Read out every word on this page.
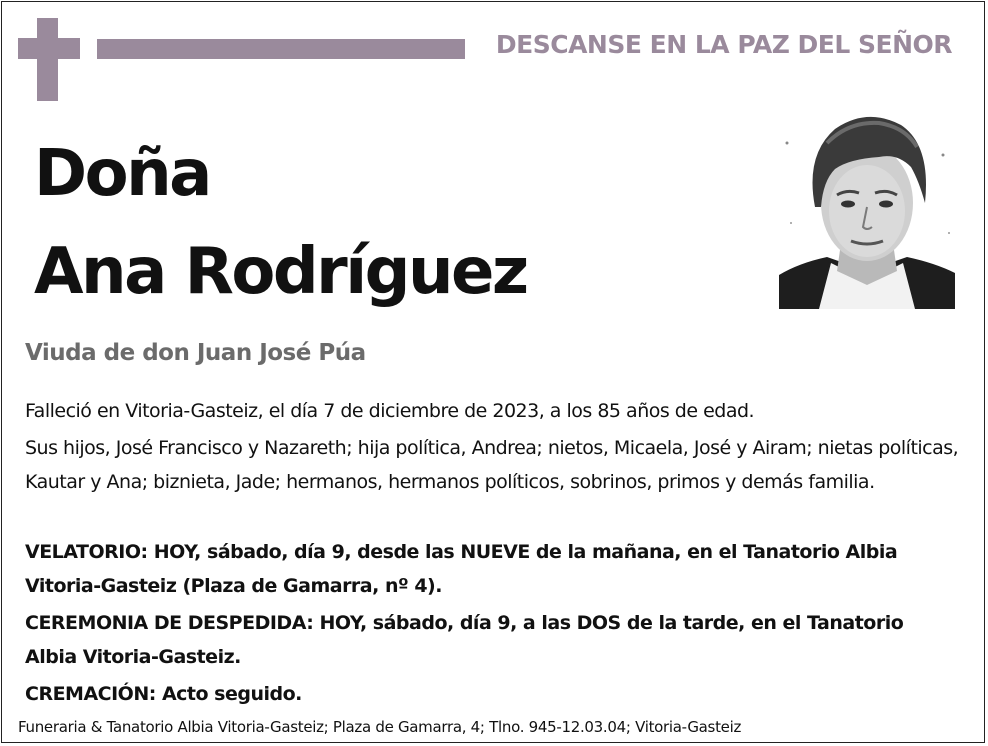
DESCANSE EN LA PAZ DEL SEÑOR
Doña
Ana Rodríguez
Viuda de don Juan José Púa
Falleció en Vitoria-Gasteiz, el día 7 de diciembre de 2023, a los 85 años de edad.
Sus hijos, José Francisco y Nazareth; hija política, Andrea; nietos, Micaela, José y Airam; nietas políticas, Kautar y Ana; biznieta, Jade; hermanos, hermanos políticos, sobrinos, primos y demás familia.
VELATORIO: HOY, sábado, día 9, desde las NUEVE de la mañana, en el Tanatorio Albia Vitoria-Gasteiz (Plaza de Gamarra, nº 4).
CEREMONIA DE DESPEDIDA: HOY, sábado, día 9, a las DOS de la tarde, en el Tanatorio Albia Vitoria-Gasteiz.
CREMACIÓN: Acto seguido.
Funeraria & Tanatorio Albia Vitoria-Gasteiz; Plaza de Gamarra, 4; Tlno. 945-12.03.04; Vitoria-Gasteiz
